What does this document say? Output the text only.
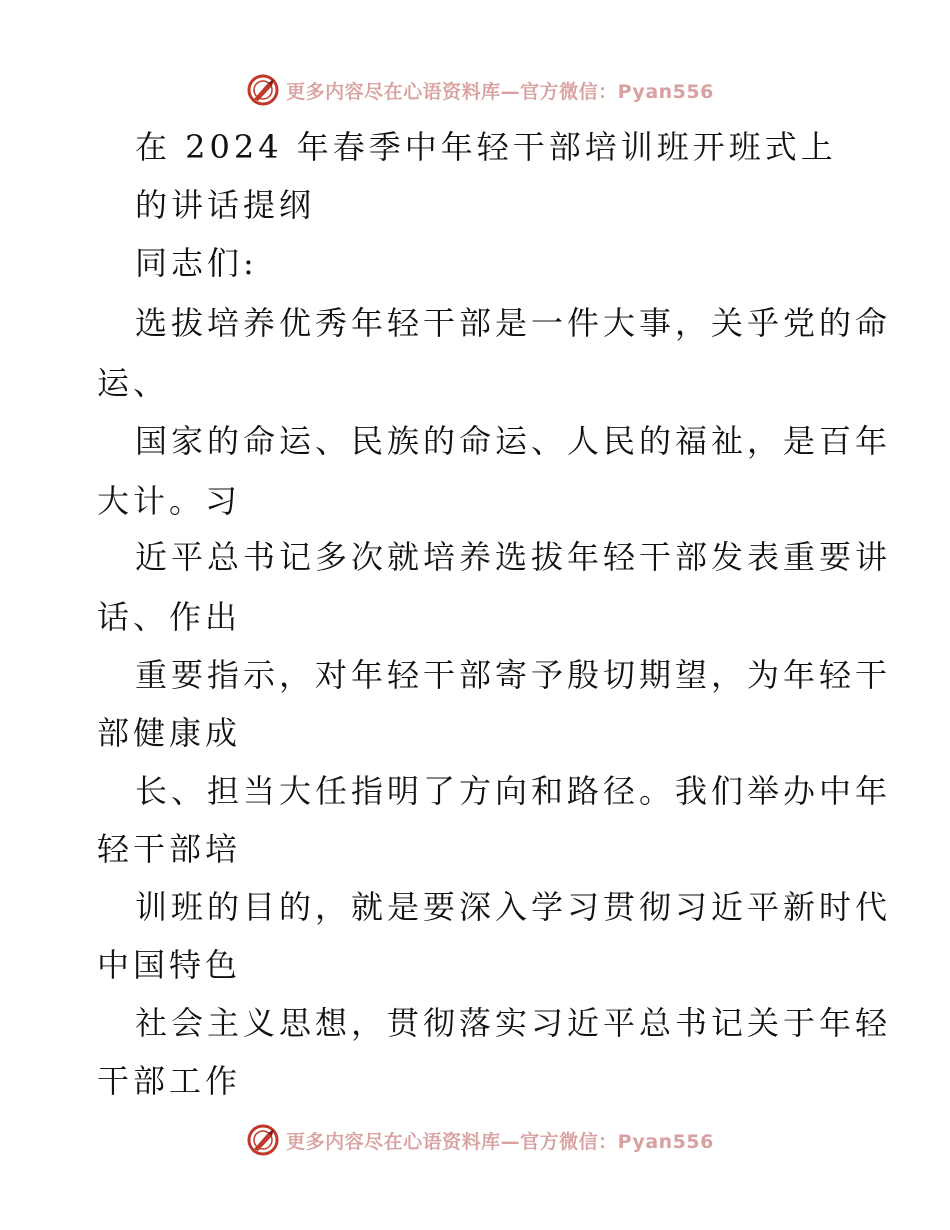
更多内容尽在心语资料库—官方微信：Pyan556
在 2024 年春季中年轻干部培训班开班式上
的讲话提纲
同志们:
选拔培养优秀年轻干部是一件大事，关乎党的命
运、
国家的命运、民族的命运、人民的福祉，是百年
大计。习
近平总书记多次就培养选拔年轻干部发表重要讲
话、作出
重要指示，对年轻干部寄予殷切期望，为年轻干
部健康成
长、担当大任指明了方向和路径。我们举办中年
轻干部培
训班的目的，就是要深入学习贯彻习近平新时代
中国特色
社会主义思想，贯彻落实习近平总书记关于年轻
干部工作
更多内容尽在心语资料库—官方微信：Pyan556
